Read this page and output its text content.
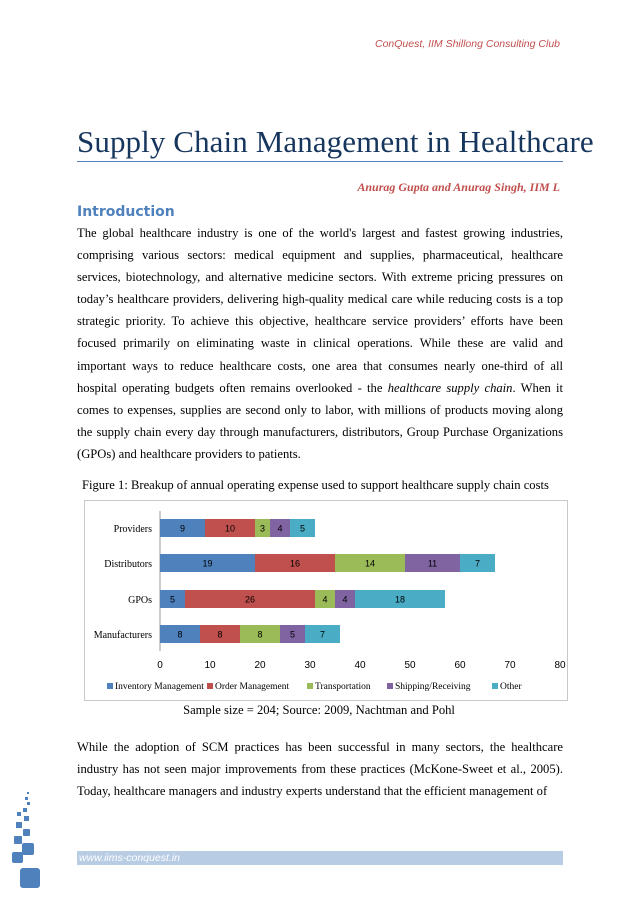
ConQuest, IIM Shillong Consulting Club
Supply Chain Management in Healthcare
Anurag Gupta and Anurag Singh, IIM L
Introduction
The global healthcare industry is one of the world's largest and fastest growing industries, comprising various sectors: medical equipment and supplies, pharmaceutical, healthcare services, biotechnology, and alternative medicine sectors. With extreme pricing pressures on today’s healthcare providers, delivering high-quality medical care while reducing costs is a top strategic priority. To achieve this objective, healthcare service providers’ efforts have been focused primarily on eliminating waste in clinical operations. While these are valid and important ways to reduce healthcare costs, one area that consumes nearly one-third of all hospital operating budgets often remains overlooked - the healthcare supply chain. When it comes to expenses, supplies are second only to labor, with millions of products moving along the supply chain every day through manufacturers, distributors, Group Purchase Organizations (GPOs) and healthcare providers to patients.
Figure 1: Breakup of annual operating expense used to support healthcare supply chain costs
Providers
Distributors
GPOs
Manufacturers
9	10	3 4 5
19	16	14	11	7
5	26	4 4	18
8	8	8	5	7
0	10	20	30	40	50	60	70	80
Inventory Management Order Management	Transportation	Shipping/Receiving	Other
Sample size = 204; Source: 2009, Nachtman and Pohl
While the adoption of SCM practices has been successful in many sectors, the healthcare industry has not seen major improvements from these practices (McKone-Sweet et al., 2005). Today, healthcare managers and industry experts understand that the efficient management of
www.iims-conquest.in
